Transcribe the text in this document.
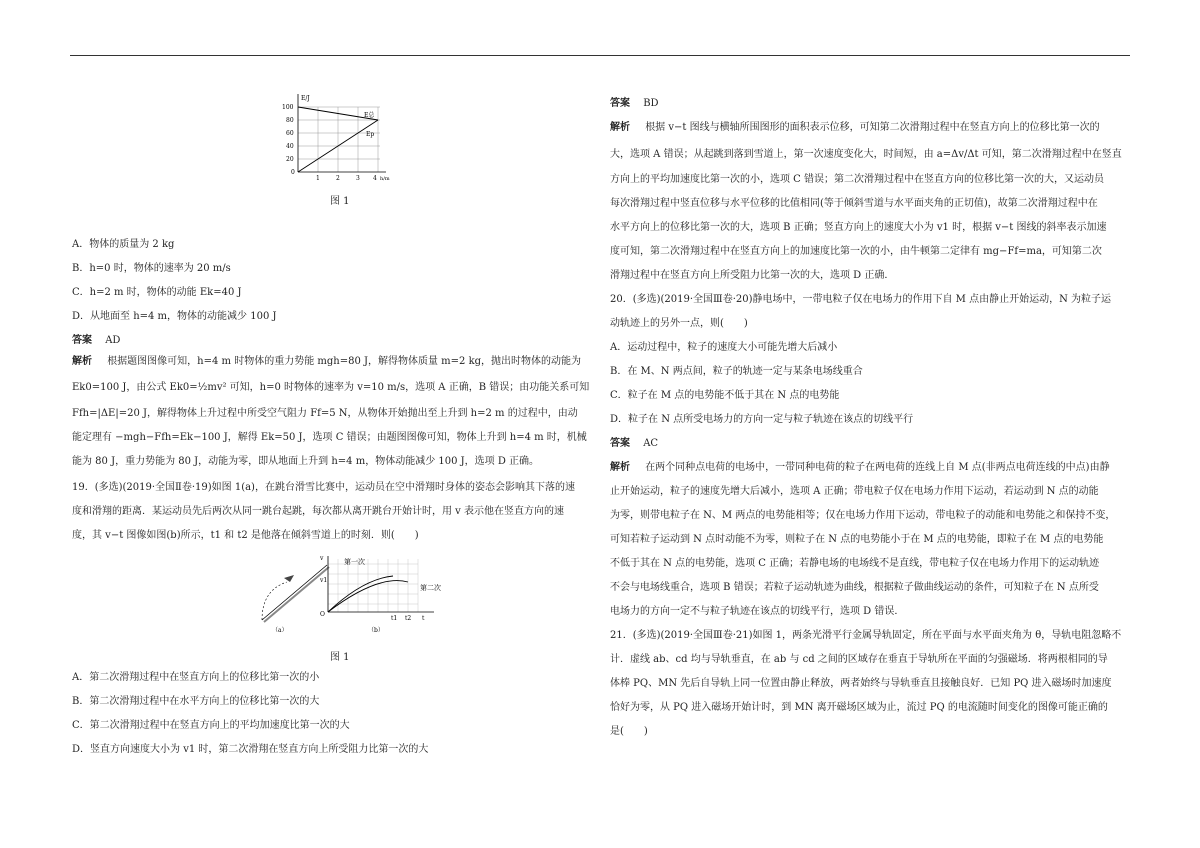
E/J
h/m
100
80
60
40
20
0
1	2	3 4
E总
Ep
图 1
A．物体的质量为 2 kg
B．h=0 时，物体的速率为 20 m/s
C．h=2 m 时，物体的动能 Ek=40 J
D．从地面至 h=4 m，物体的动能减少 100 J
答案 AD
解析 根据题图图像可知，h=4 m 时物体的重力势能 mgh=80 J，解得物体质量 m=2 kg，抛出时物体的动能为
Ek0=100 J，由公式 Ek0=½mv² 可知，h=0 时物体的速率为 v=10 m/s，选项 A 正确，B 错误；由功能关系可知
Ffh=|ΔE|=20 J，解得物体上升过程中所受空气阻力 Ff=5 N，从物体开始抛出至上升到 h=2 m 的过程中，由动
能定理有 −mgh−Ffh=Ek−100 J，解得 Ek=50 J，选项 C 错误；由题图图像可知，物体上升到 h=4 m 时，机械
能为 80 J，重力势能为 80 J，动能为零，即从地面上升到 h=4 m，物体动能减少 100 J，选项 D 正确。
19．(多选)(2019·全国Ⅱ卷·19)如图 1(a)，在跳台滑雪比赛中，运动员在空中滑翔时身体的姿态会影响其下落的速
度和滑翔的距离．某运动员先后两次从同一跳台起跳，每次都从离开跳台开始计时，用 v 表示他在竖直方向的速
度，其 v−t 图像如图(b)所示，t1 和 t2 是他落在倾斜雪道上的时刻．则(　　)
（a）
第一次
第二次
v
v1
O
t1 t2 t
（b）
图 1
A．第二次滑翔过程中在竖直方向上的位移比第一次的小
B．第二次滑翔过程中在水平方向上的位移比第一次的大
C．第二次滑翔过程中在竖直方向上的平均加速度比第一次的大
D．竖直方向速度大小为 v1 时，第二次滑翔在竖直方向上所受阻力比第一次的大
答案 BD
解析 根据 v−t 图线与横轴所围图形的面积表示位移，可知第二次滑翔过程中在竖直方向上的位移比第一次的
大，选项 A 错误；从起跳到落到雪道上，第一次速度变化大，时间短，由 a=Δv/Δt 可知，第二次滑翔过程中在竖直
方向上的平均加速度比第一次的小，选项 C 错误；第二次滑翔过程中在竖直方向的位移比第一次的大，又运动员
每次滑翔过程中竖直位移与水平位移的比值相同(等于倾斜雪道与水平面夹角的正切值)，故第二次滑翔过程中在
水平方向上的位移比第一次的大，选项 B 正确；竖直方向上的速度大小为 v1 时，根据 v−t 图线的斜率表示加速
度可知，第二次滑翔过程中在竖直方向上的加速度比第一次的小，由牛顿第二定律有 mg−Ff=ma，可知第二次
滑翔过程中在竖直方向上所受阻力比第一次的大，选项 D 正确．
20．(多选)(2019·全国Ⅲ卷·20)静电场中，一带电粒子仅在电场力的作用下自 M 点由静止开始运动，N 为粒子运
动轨迹上的另外一点，则(　　)
A．运动过程中，粒子的速度大小可能先增大后减小
B．在 M、N 两点间，粒子的轨迹一定与某条电场线重合
C．粒子在 M 点的电势能不低于其在 N 点的电势能
D．粒子在 N 点所受电场力的方向一定与粒子轨迹在该点的切线平行
答案 AC
解析 在两个同种点电荷的电场中，一带同种电荷的粒子在两电荷的连线上自 M 点(非两点电荷连线的中点)由静
止开始运动，粒子的速度先增大后减小，选项 A 正确；带电粒子仅在电场力作用下运动，若运动到 N 点的动能
为零，则带电粒子在 N、M 两点的电势能相等；仅在电场力作用下运动，带电粒子的动能和电势能之和保持不变，
可知若粒子运动到 N 点时动能不为零，则粒子在 N 点的电势能小于在 M 点的电势能，即粒子在 M 点的电势能
不低于其在 N 点的电势能，选项 C 正确；若静电场的电场线不是直线，带电粒子仅在电场力作用下的运动轨迹
不会与电场线重合，选项 B 错误；若粒子运动轨迹为曲线，根据粒子做曲线运动的条件，可知粒子在 N 点所受
电场力的方向一定不与粒子轨迹在该点的切线平行，选项 D 错误．
21．(多选)(2019·全国Ⅲ卷·21)如图 1，两条光滑平行金属导轨固定，所在平面与水平面夹角为 θ，导轨电阻忽略不
计．虚线 ab、cd 均与导轨垂直，在 ab 与 cd 之间的区域存在垂直于导轨所在平面的匀强磁场．将两根相同的导
体棒 PQ、MN 先后自导轨上同一位置由静止释放，两者始终与导轨垂直且接触良好．已知 PQ 进入磁场时加速度
恰好为零，从 PQ 进入磁场开始计时，到 MN 离开磁场区域为止，流过 PQ 的电流随时间变化的图像可能正确的
是(　　)
